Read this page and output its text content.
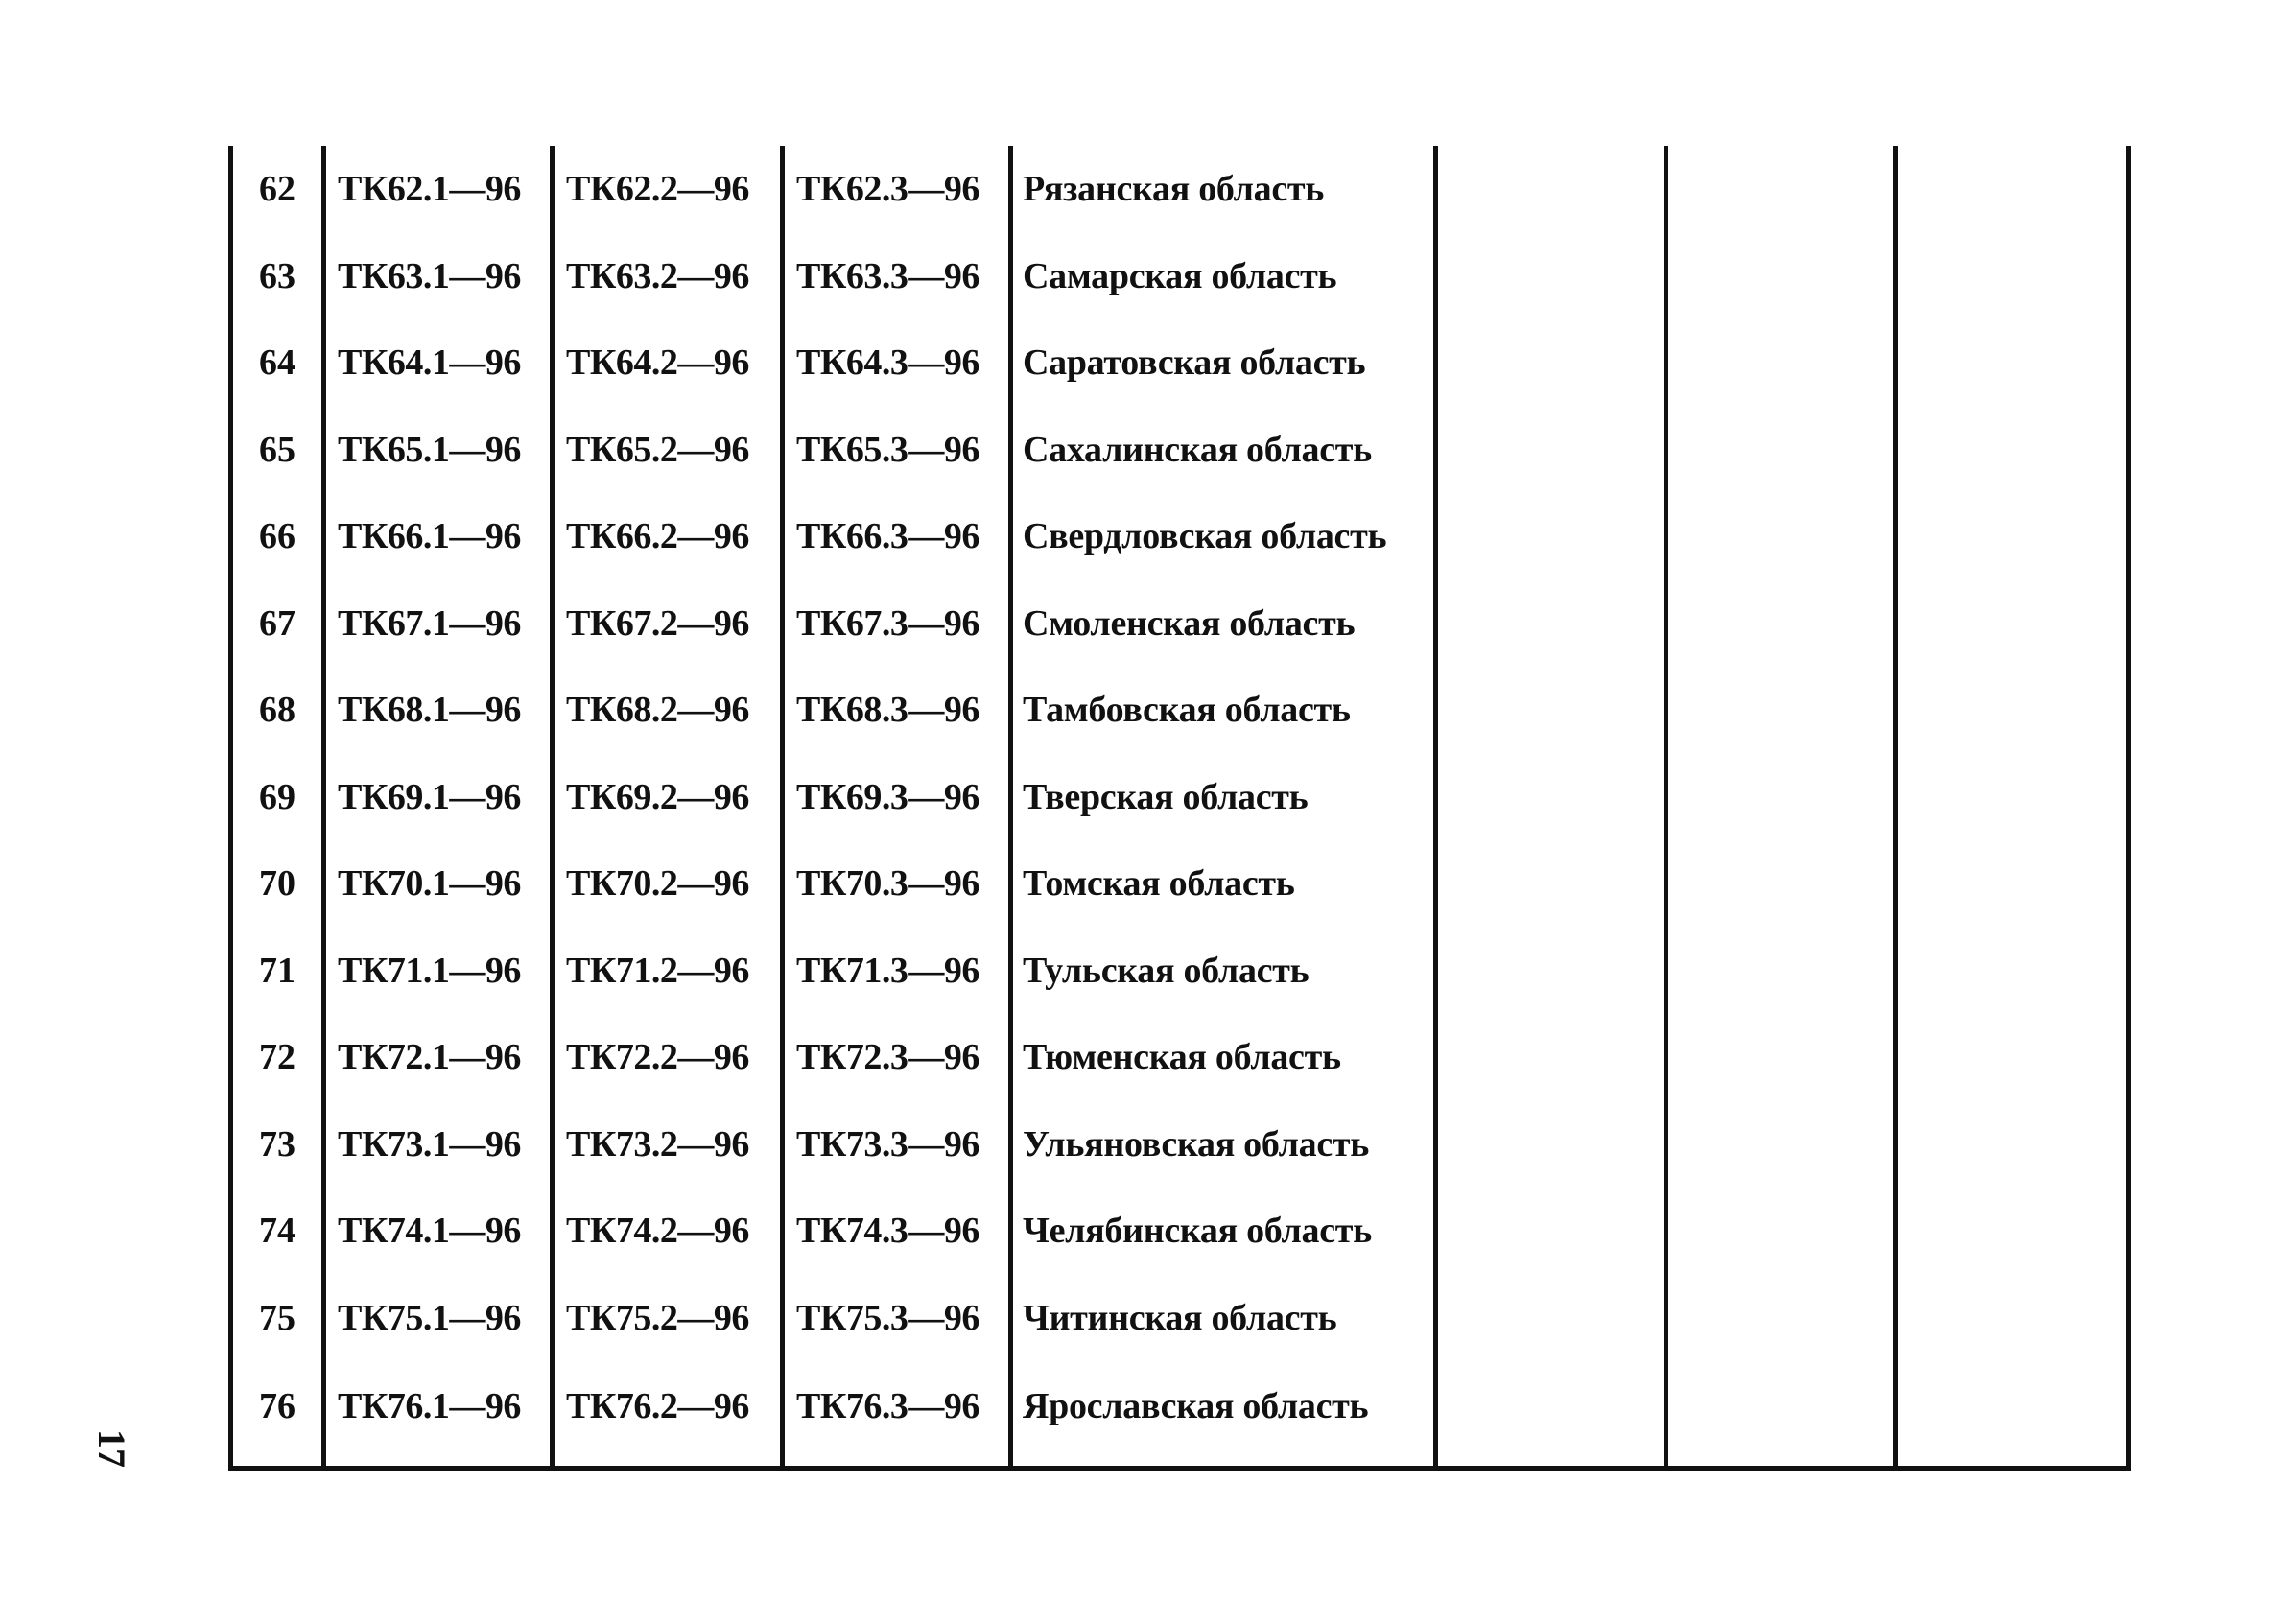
62	ТК62.1—96	ТК62.2—96	ТК62.3—96	Рязанская область			
63	ТК63.1—96	ТК63.2—96	ТК63.3—96	Самарская область			
64	ТК64.1—96	ТК64.2—96	ТК64.3—96	Саратовская область			
65	ТК65.1—96	ТК65.2—96	ТК65.3—96	Сахалинская область			
66	ТК66.1—96	ТК66.2—96	ТК66.3—96	Свердловская область			
67	ТК67.1—96	ТК67.2—96	ТК67.3—96	Смоленская область			
68	ТК68.1—96	ТК68.2—96	ТК68.3—96	Тамбовская область			
69	ТК69.1—96	ТК69.2—96	ТК69.3—96	Тверская область			
70	ТК70.1—96	ТК70.2—96	ТК70.3—96	Томская область			
71	ТК71.1—96	ТК71.2—96	ТК71.3—96	Тульская область			
72	ТК72.1—96	ТК72.2—96	ТК72.3—96	Тюменская область			
73	ТК73.1—96	ТК73.2—96	ТК73.3—96	Ульяновская область			
74	ТК74.1—96	ТК74.2—96	ТК74.3—96	Челябинская область			
75	ТК75.1—96	ТК75.2—96	ТК75.3—96	Читинская область			
76	ТК76.1—96	ТК76.2—96	ТК76.3—96	Ярославская область			
17
